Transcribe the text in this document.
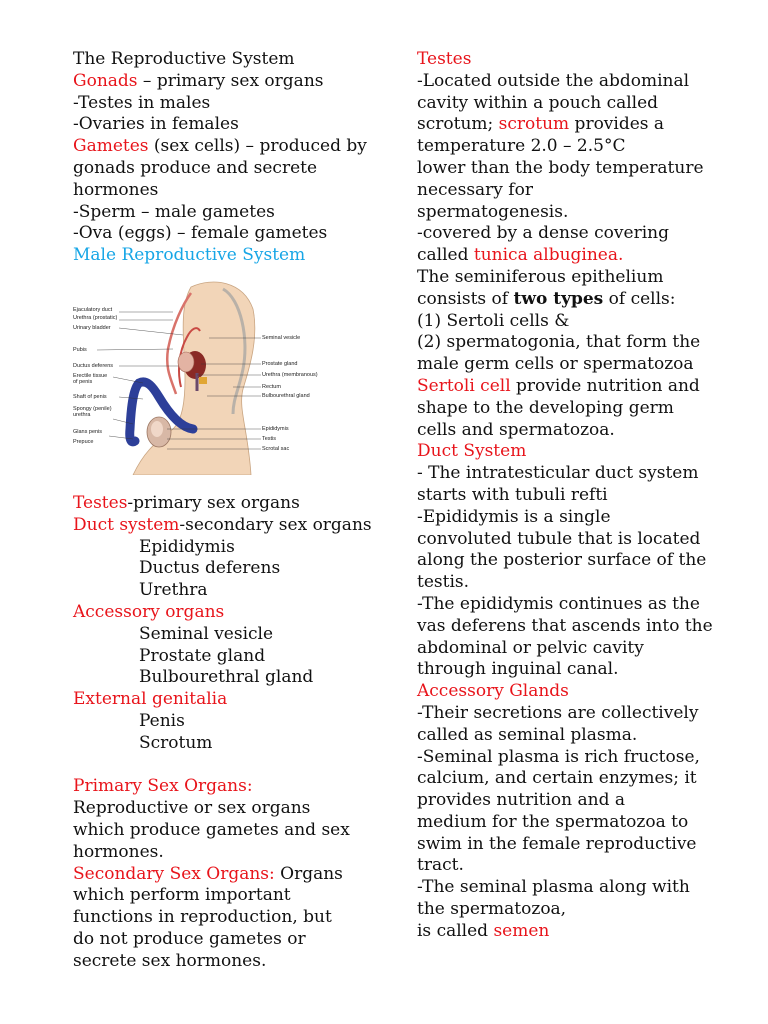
The Reproductive System
Gonads – primary sex organs
-Testes in males
-Ovaries in females
Gametes (sex cells) – produced by
gonads produce and secrete
hormones
-Sperm – male gametes
-Ova (eggs) – female gametes
Male Reproductive System
Ejaculatory duct
Urethra (prostatic)
Urinary bladder
Pubis
Ductus deferens
Erectile tissue
of penis
Shaft of penis
Spongy (penile)
urethra
Glans penis
Prepuce
Seminal vesicle
Prostate gland
Urethra (membranous)
Rectum
Bulbourethral gland
Epididymis
Testis
Scrotal sac
Testes-primary sex organs
Duct system-secondary sex organs
Epididymis
Ductus deferens
Urethra
Accessory organs
Seminal vesicle
Prostate gland
Bulbourethral gland
External genitalia
Penis
Scrotum
Primary Sex Organs:
Reproductive or sex organs
which produce gametes and sex
hormones.
Secondary Sex Organs: Organs
which perform important
functions in reproduction, but
do not produce gametes or
secrete sex hormones.
Testes
-Located outside the abdominal
cavity within a pouch called
scrotum; scrotum provides a
temperature 2.0 – 2.5°C
lower than the body temperature
necessary for
spermatogenesis.
-covered by a dense covering
called tunica albuginea.
The seminiferous epithelium
consists of two types of cells:
(1) Sertoli cells &
(2) spermatogonia, that form the
male germ cells or spermatozoa
Sertoli cell provide nutrition and
shape to the developing germ
cells and spermatozoa.
Duct System
- The intratesticular duct system
starts with tubuli refti
-Epididymis is a single
convoluted tubule that is located
along the posterior surface of the
testis.
-The epididymis continues as the
vas deferens that ascends into the
abdominal or pelvic cavity
through inguinal canal.
Accessory Glands
-Their secretions are collectively
called as seminal plasma.
-Seminal plasma is rich fructose,
calcium, and certain enzymes; it
provides nutrition and a
medium for the spermatozoa to
swim in the female reproductive
tract.
-The seminal plasma along with
the spermatozoa,
is called semen
